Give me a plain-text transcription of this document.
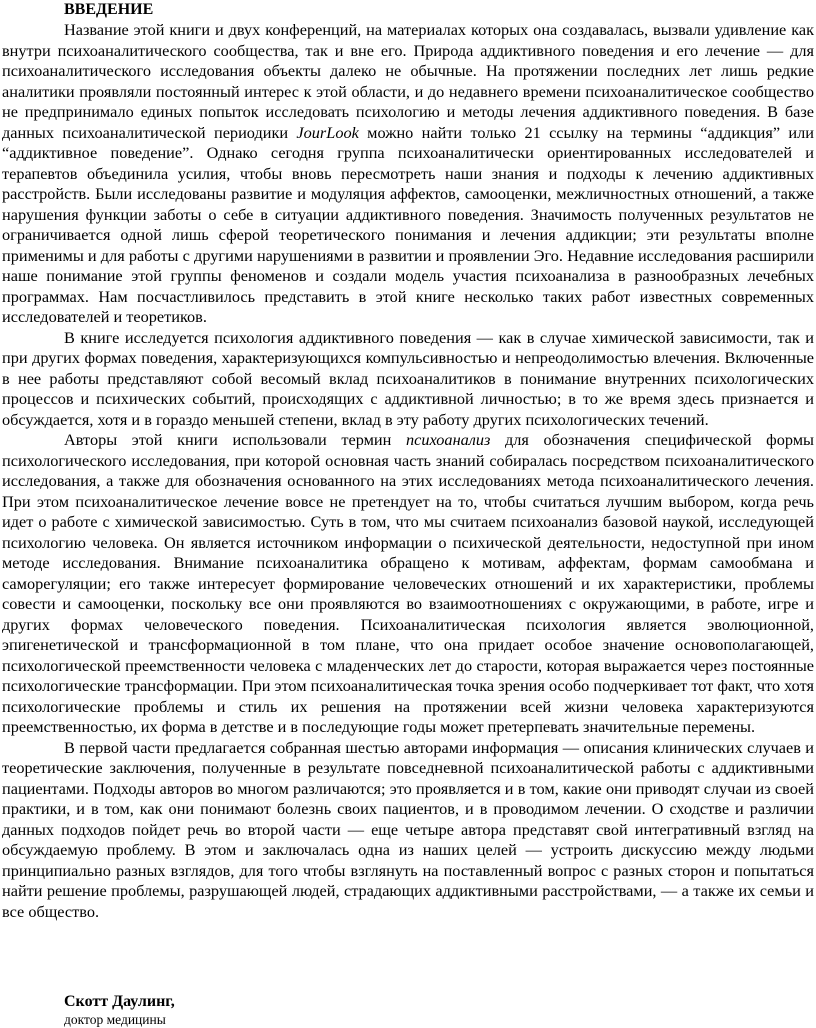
ВВЕДЕНИЕ

Название этой книги и двух конференций, на материалах которых она создавалась, вызвали удивление как внутри психоаналитического сообщества, так и вне его. Природа аддиктивного поведения и его лечение — для психоаналитического исследования объекты далеко не обычные. На протяжении последних лет лишь редкие аналитики проявляли постоянный интерес к этой области, и до недавнего времени психоаналитическое сообщество не предпринимало единых попыток исследовать психологию и методы лечения аддиктивного поведения. В базе данных психоаналитической периодики JourLook можно найти только 21 ссылку на термины “аддикция” или “аддиктивное поведение”. Однако сегодня группа психоаналитически ориентированных исследователей и терапевтов объединила усилия, чтобы вновь пересмотреть наши знания и подходы к лечению аддиктивных расстройств. Были исследованы развитие и модуляция аффектов, самооценки, межличностных отношений, а также нарушения функции заботы о себе в ситуации аддиктивного поведения. Значимость полученных результатов не ограничивается одной лишь сферой теоретического понимания и лечения аддикции; эти результаты вполне применимы и для работы с другими нарушениями в развитии и проявлении Эго. Недавние исследования расширили наше понимание этой группы феноменов и создали модель участия психоанализа в разнообразных лечебных программах. Нам посчастливилось представить в этой книге несколько таких работ известных современных исследователей и теоретиков.

В книге исследуется психология аддиктивного поведения — как в случае химической зависимости, так и при других формах поведения, характеризующихся компульсивностью и непреодолимостью влечения. Включенные в нее работы представляют собой весомый вклад психоаналитиков в понимание внутренних психологических процессов и психических событий, происходящих с аддиктивной личностью; в то же время здесь признается и обсуждается, хотя и в гораздо меньшей степени, вклад в эту работу других психологических течений.

Авторы этой книги использовали термин психоанализ для обозначения специфической формы психологического исследования, при которой основная часть знаний собиралась посредством психоаналитического исследования, а также для обозначения основанного на этих исследованиях метода психоаналитического лечения. При этом психоаналитическое лечение вовсе не претендует на то, чтобы считаться лучшим выбором, когда речь идет о работе с химической зависимостью. Суть в том, что мы считаем психоанализ базовой наукой, исследующей психологию человека. Он является источником информации о психической деятельности, недоступной при ином методе исследования. Внимание психоаналитика обращено к мотивам, аффектам, формам самообмана и саморегуляции; его также интересует формирование человеческих отношений и их характеристики, проблемы совести и самооценки, поскольку все они проявляются во взаимоотношениях с окружающими, в работе, игре и других формах человеческого поведения. Психоаналитическая психология является эволюционной, эпигенетической и трансформационной в том плане, что она придает особое значение основополагающей, психологической преемственности человека с младенческих лет до старости, которая выражается через постоянные психологические трансформации. При этом психоаналитическая точка зрения особо подчеркивает тот факт, что хотя психологические проблемы и стиль их решения на протяжении всей жизни человека характеризуются преемственностью, их форма в детстве и в последующие годы может претерпевать значительные перемены.

В первой части предлагается собранная шестью авторами информация — описания клинических случаев и теоретические заключения, полученные в результате повседневной психоаналитической работы с аддиктивными пациентами. Подходы авторов во многом различаются; это проявляется и в том, какие они приводят случаи из своей практики, и в том, как они понимают болезнь своих пациентов, и в проводимом лечении. О сходстве и различии данных подходов пойдет речь во второй части — еще четыре автора представят свой интегративный взгляд на обсуждаемую проблему. В этом и заключалась одна из наших целей — устроить дискуссию между людьми принципиально разных взглядов, для того чтобы взглянуть на поставленный вопрос с разных сторон и попытаться найти решение проблемы, разрушающей людей, страдающих аддиктивными расстройствами, — а также их семьи и все общество.

Скотт Даулинг,
доктор медицины
